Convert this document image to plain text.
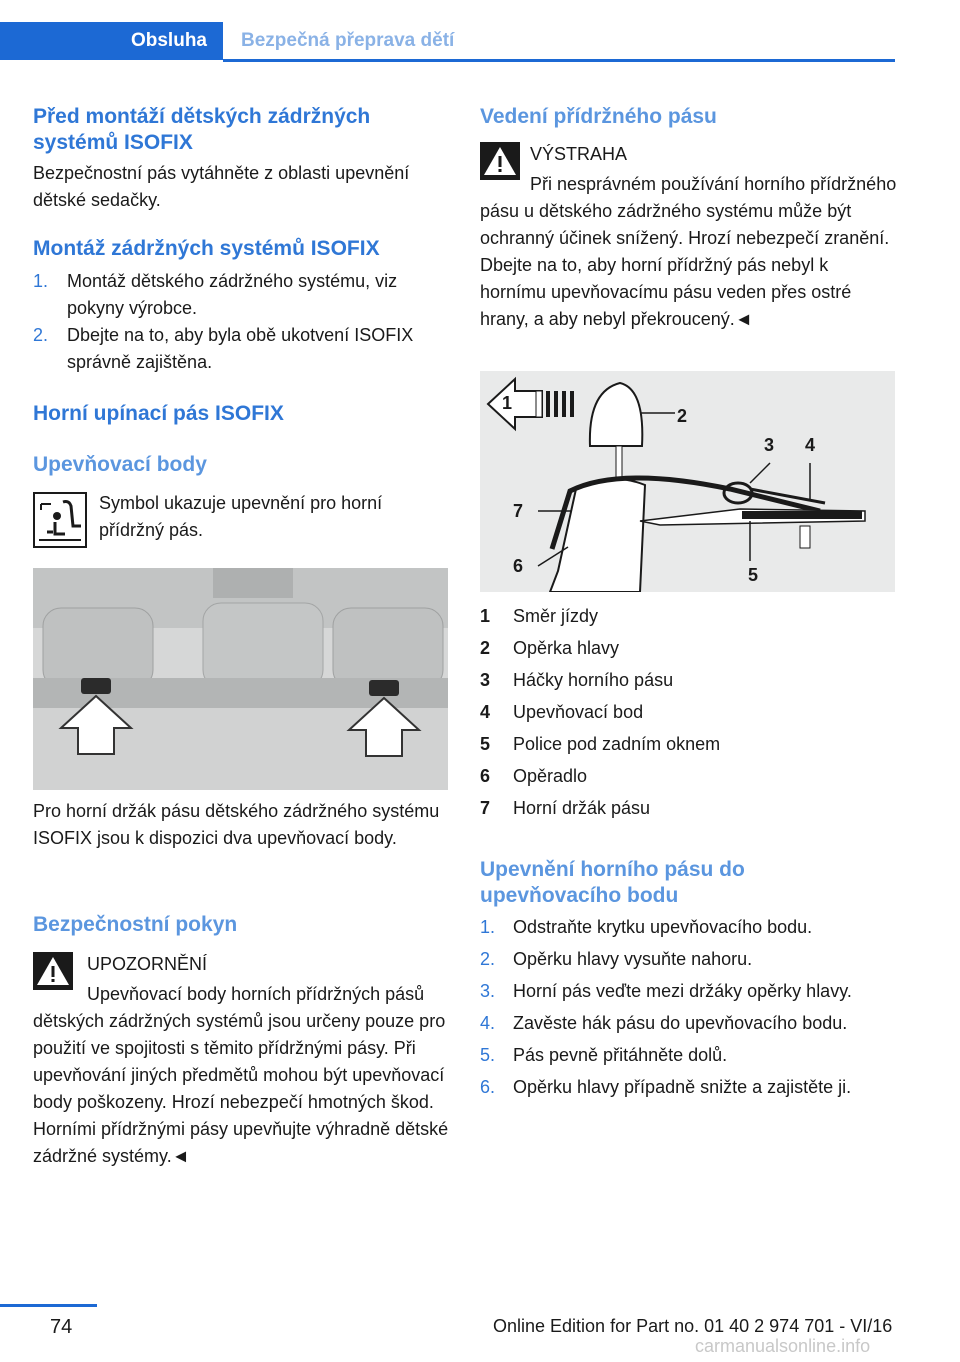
Obsluha	Bezpečná přeprava dětí
Před montáží dětských zádržných systémů ISOFIX
Bezpečnostní pás vytáhněte z oblasti upevnění dětské sedačky.
Montáž zádržných systémů ISOFIX
1. Montáž dětského zádržného systému, viz pokyny výrobce.
2. Dbejte na to, aby byla obě ukotvení ISOFIX správně zajištěna.
Horní upínací pás ISOFIX
Upevňovací body
Symbol ukazuje upevnění pro horní přídržný pás.
Pro horní držák pásu dětského zádržného systému ISOFIX jsou k dispozici dva upevňovací body.
Bezpečnostní pokyn
UPOZORNĚNÍ
Upevňovací body horních přídržných pásů dětských zádržných systémů jsou určeny pouze pro použití ve spojitosti s těmito přídržnými pásy. Při upevňování jiných předmětů mohou být upevňovací body poškozeny. Hrozí nebezpečí hmotných škod. Horními přídržnými pásy upevňujte výhradně dětské zádržné systémy.◄
Vedení přídržného pásu
VÝSTRAHA
Při nesprávném používání horního přídržného pásu u dětského zádržného systému může být ochranný účinek snížený. Hrozí nebezpečí zranění. Dbejte na to, aby horní přídržný pás nebyl k hornímu upevňovacímu pásu veden přes ostré hrany, a aby nebyl překroucený.◄
1
2
3 4
5
6
7
1 Směr jízdy
2 Opěrka hlavy
3 Háčky horního pásu
4 Upevňovací bod
5 Police pod zadním oknem
6 Opěradlo
7 Horní držák pásu
Upevnění horního pásu do upevňovacího bodu
1. Odstraňte krytku upevňovacího bodu.
2. Opěrku hlavy vysuňte nahoru.
3. Horní pás veďte mezi držáky opěrky hlavy.
4. Zavěste hák pásu do upevňovacího bodu.
5. Pás pevně přitáhněte dolů.
6. Opěrku hlavy případně snižte a zajistěte ji.
74	Online Edition for Part no. 01 40 2 974 701 - VI/16
carmanualsonline.info
